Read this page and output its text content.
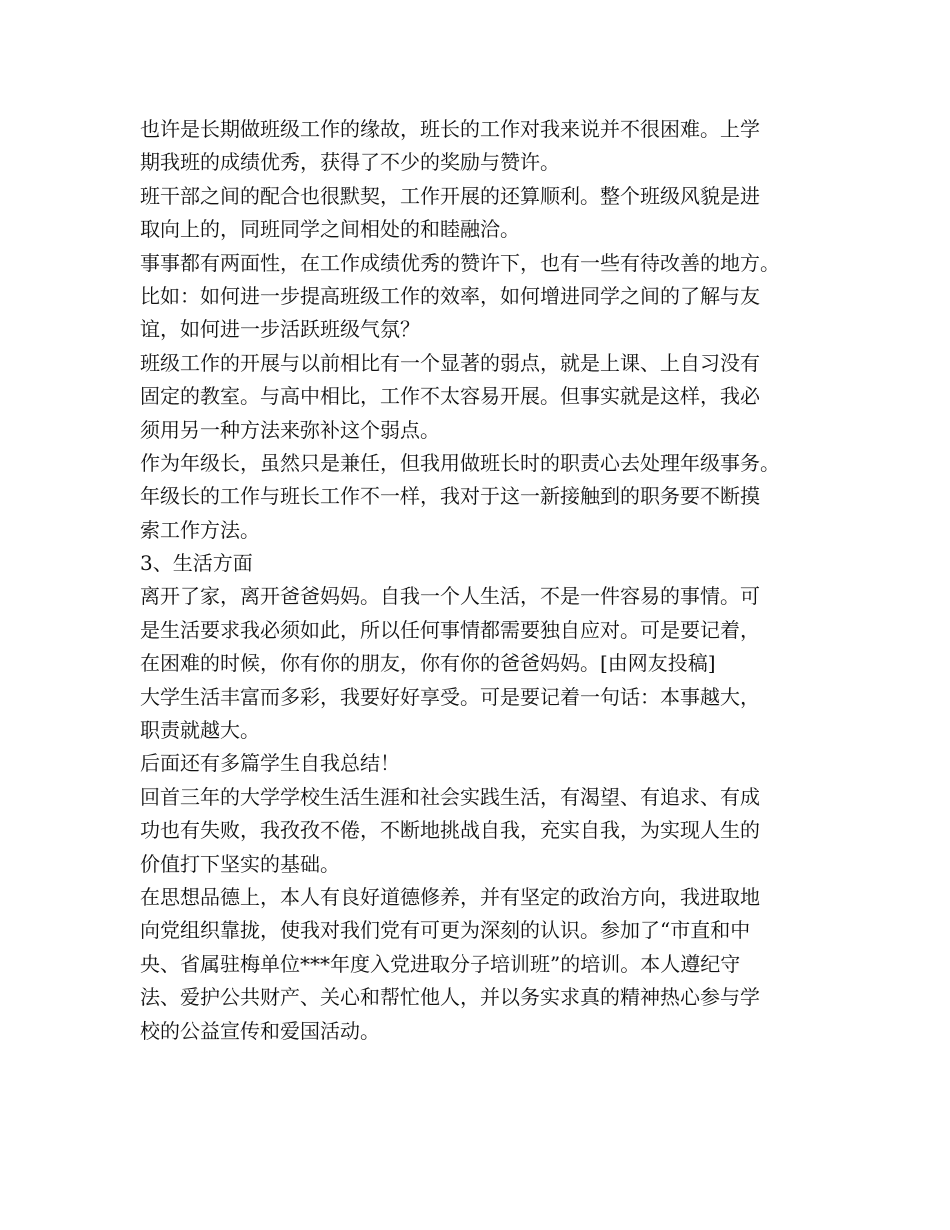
也许是长期做班级工作的缘故，班长的工作对我来说并不很困难。上学
期我班的成绩优秀，获得了不少的奖励与赞许。
班干部之间的配合也很默契，工作开展的还算顺利。整个班级风貌是进
取向上的，同班同学之间相处的和睦融洽。
事事都有两面性，在工作成绩优秀的赞许下，也有一些有待改善的地方。
比如：如何进一步提高班级工作的效率，如何增进同学之间的了解与友
谊，如何进一步活跃班级气氛？
班级工作的开展与以前相比有一个显著的弱点，就是上课、上自习没有
固定的教室。与高中相比，工作不太容易开展。但事实就是这样，我必
须用另一种方法来弥补这个弱点。
作为年级长，虽然只是兼任，但我用做班长时的职责心去处理年级事务。
年级长的工作与班长工作不一样，我对于这一新接触到的职务要不断摸
索工作方法。
3、生活方面
离开了家，离开爸爸妈妈。自我一个人生活，不是一件容易的事情。可
是生活要求我必须如此，所以任何事情都需要独自应对。可是要记着，
在困难的时候，你有你的朋友，你有你的爸爸妈妈。[由网友投稿]
大学生活丰富而多彩，我要好好享受。可是要记着一句话：本事越大，
职责就越大。
后面还有多篇学生自我总结！
回首三年的大学学校生活生涯和社会实践生活，有渴望、有追求、有成
功也有失败，我孜孜不倦，不断地挑战自我，充实自我，为实现人生的
价值打下坚实的基础。
在思想品德上，本人有良好道德修养，并有坚定的政治方向，我进取地
向党组织靠拢，使我对我们党有可更为深刻的认识。参加了“市直和中
央、省属驻梅单位***年度入党进取分子培训班”的培训。本人遵纪守
法、爱护公共财产、关心和帮忙他人，并以务实求真的精神热心参与学
校的公益宣传和爱国活动。
